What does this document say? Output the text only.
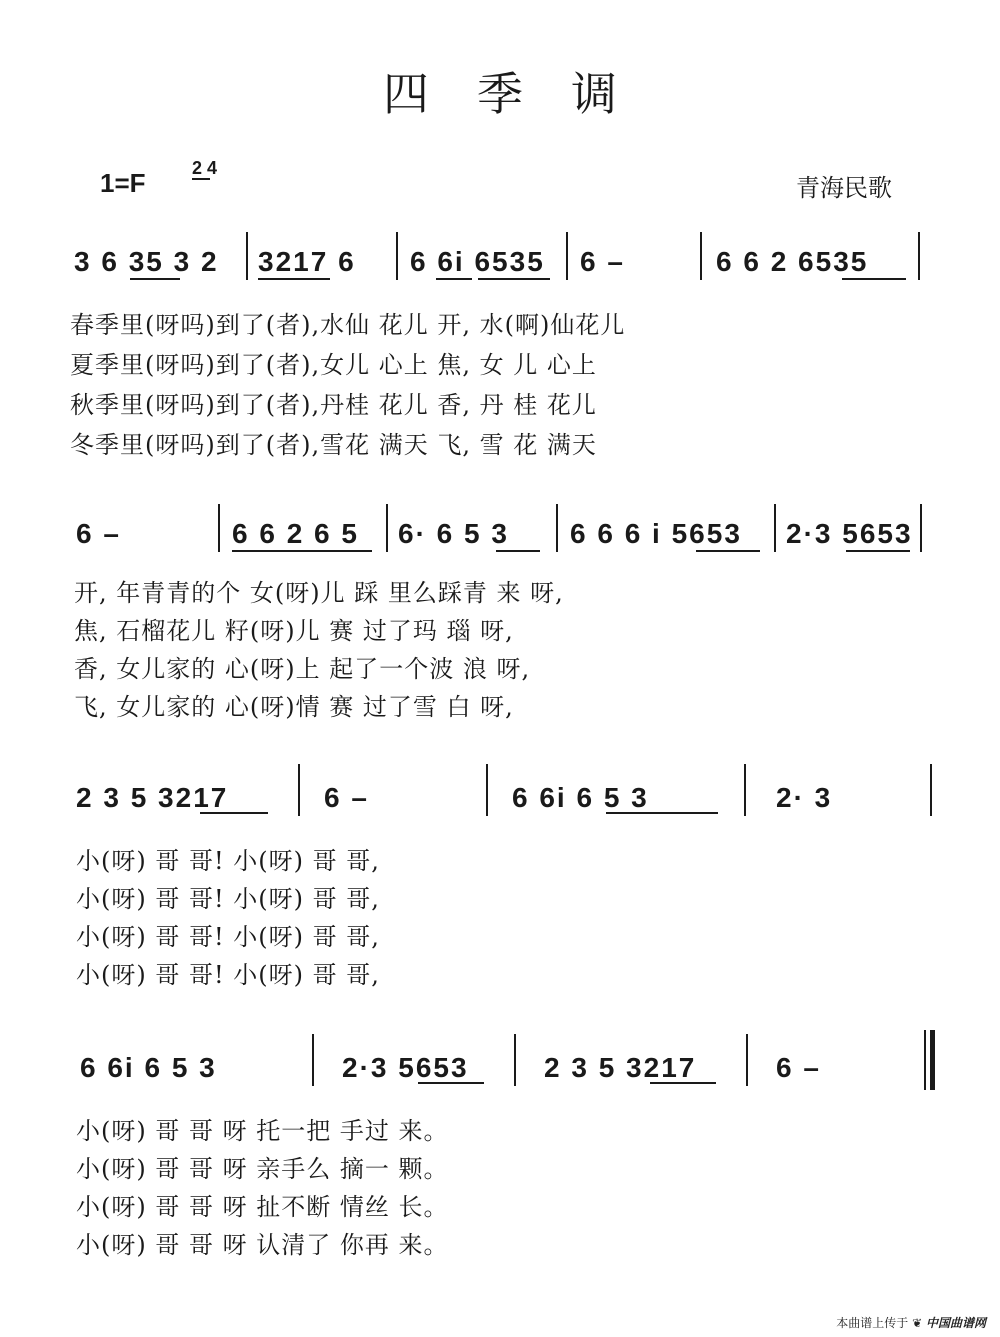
四季调
1=F	2 4
青海民歌
3 6 35 3 2 3217 6 6 6i 6535 6 –	6 6 2 6535
春季里(呀吗)到了(者),水仙 花儿 开, 水(啊)仙花儿
夏季里(呀吗)到了(者),女儿 心上 焦, 女 儿 心上
秋季里(呀吗)到了(者),丹桂 花儿 香, 丹 桂 花儿
冬季里(呀吗)到了(者),雪花 满天 飞, 雪 花 满天
6 –	6 6 2 6 5 6· 6 5 3 6 6 6 i 5653 2·3 5653
开, 年青青的个 女(呀)儿 踩 里么踩青 来 呀,
焦, 石榴花儿 籽(呀)儿 赛 过了玛 瑙 呀,
香, 女儿家的 心(呀)上 起了一个波 浪 呀,
飞, 女儿家的 心(呀)情 赛 过了雪 白 呀,
2 3 5 3217	6 –	6 6i 6 5 3	2· 3
小(呀) 哥 哥! 小(呀) 哥 哥,
小(呀) 哥 哥! 小(呀) 哥 哥,
小(呀) 哥 哥! 小(呀) 哥 哥,
小(呀) 哥 哥! 小(呀) 哥 哥,
6 6i 6 5 3	2·3 5653	2 3 5 3217	6 –
小(呀) 哥 哥 呀 托一把 手过 来。
小(呀) 哥 哥 呀 亲手么 摘一 颗。
小(呀) 哥 哥 呀 扯不断 情丝 长。
小(呀) 哥 哥 呀 认清了 你再 来。
本曲谱上传于 ❦ 中国曲谱网
